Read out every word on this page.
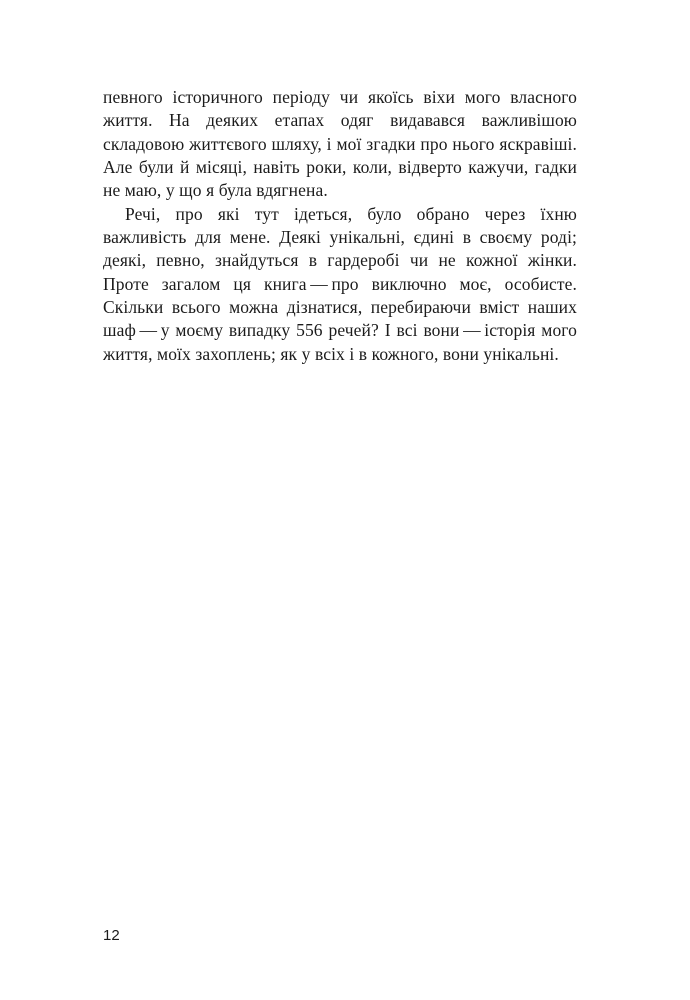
певного історичного періоду чи якоїсь віхи мого власного життя. На деяких етапах одяг видавався важливішою складовою життєвого шляху, і мої згадки про нього яскравіші. Але були й місяці, навіть роки, коли, відверто кажучи, гадки не маю, у що я була вдягнена.

Речі, про які тут ідеться, було обрано через їхню важливість для мене. Деякі унікальні, єдині в своєму роді; деякі, певно, знайдуться в гардеробі чи не кожної жінки. Проте загалом ця книга — про виключно моє, особисте. Скільки всього можна дізнатися, перебираючи вміст наших шаф — у моєму випадку 556 речей? І всі вони — історія мого життя, моїх захоплень; як у всіх і в кожного, вони унікальні.

12
